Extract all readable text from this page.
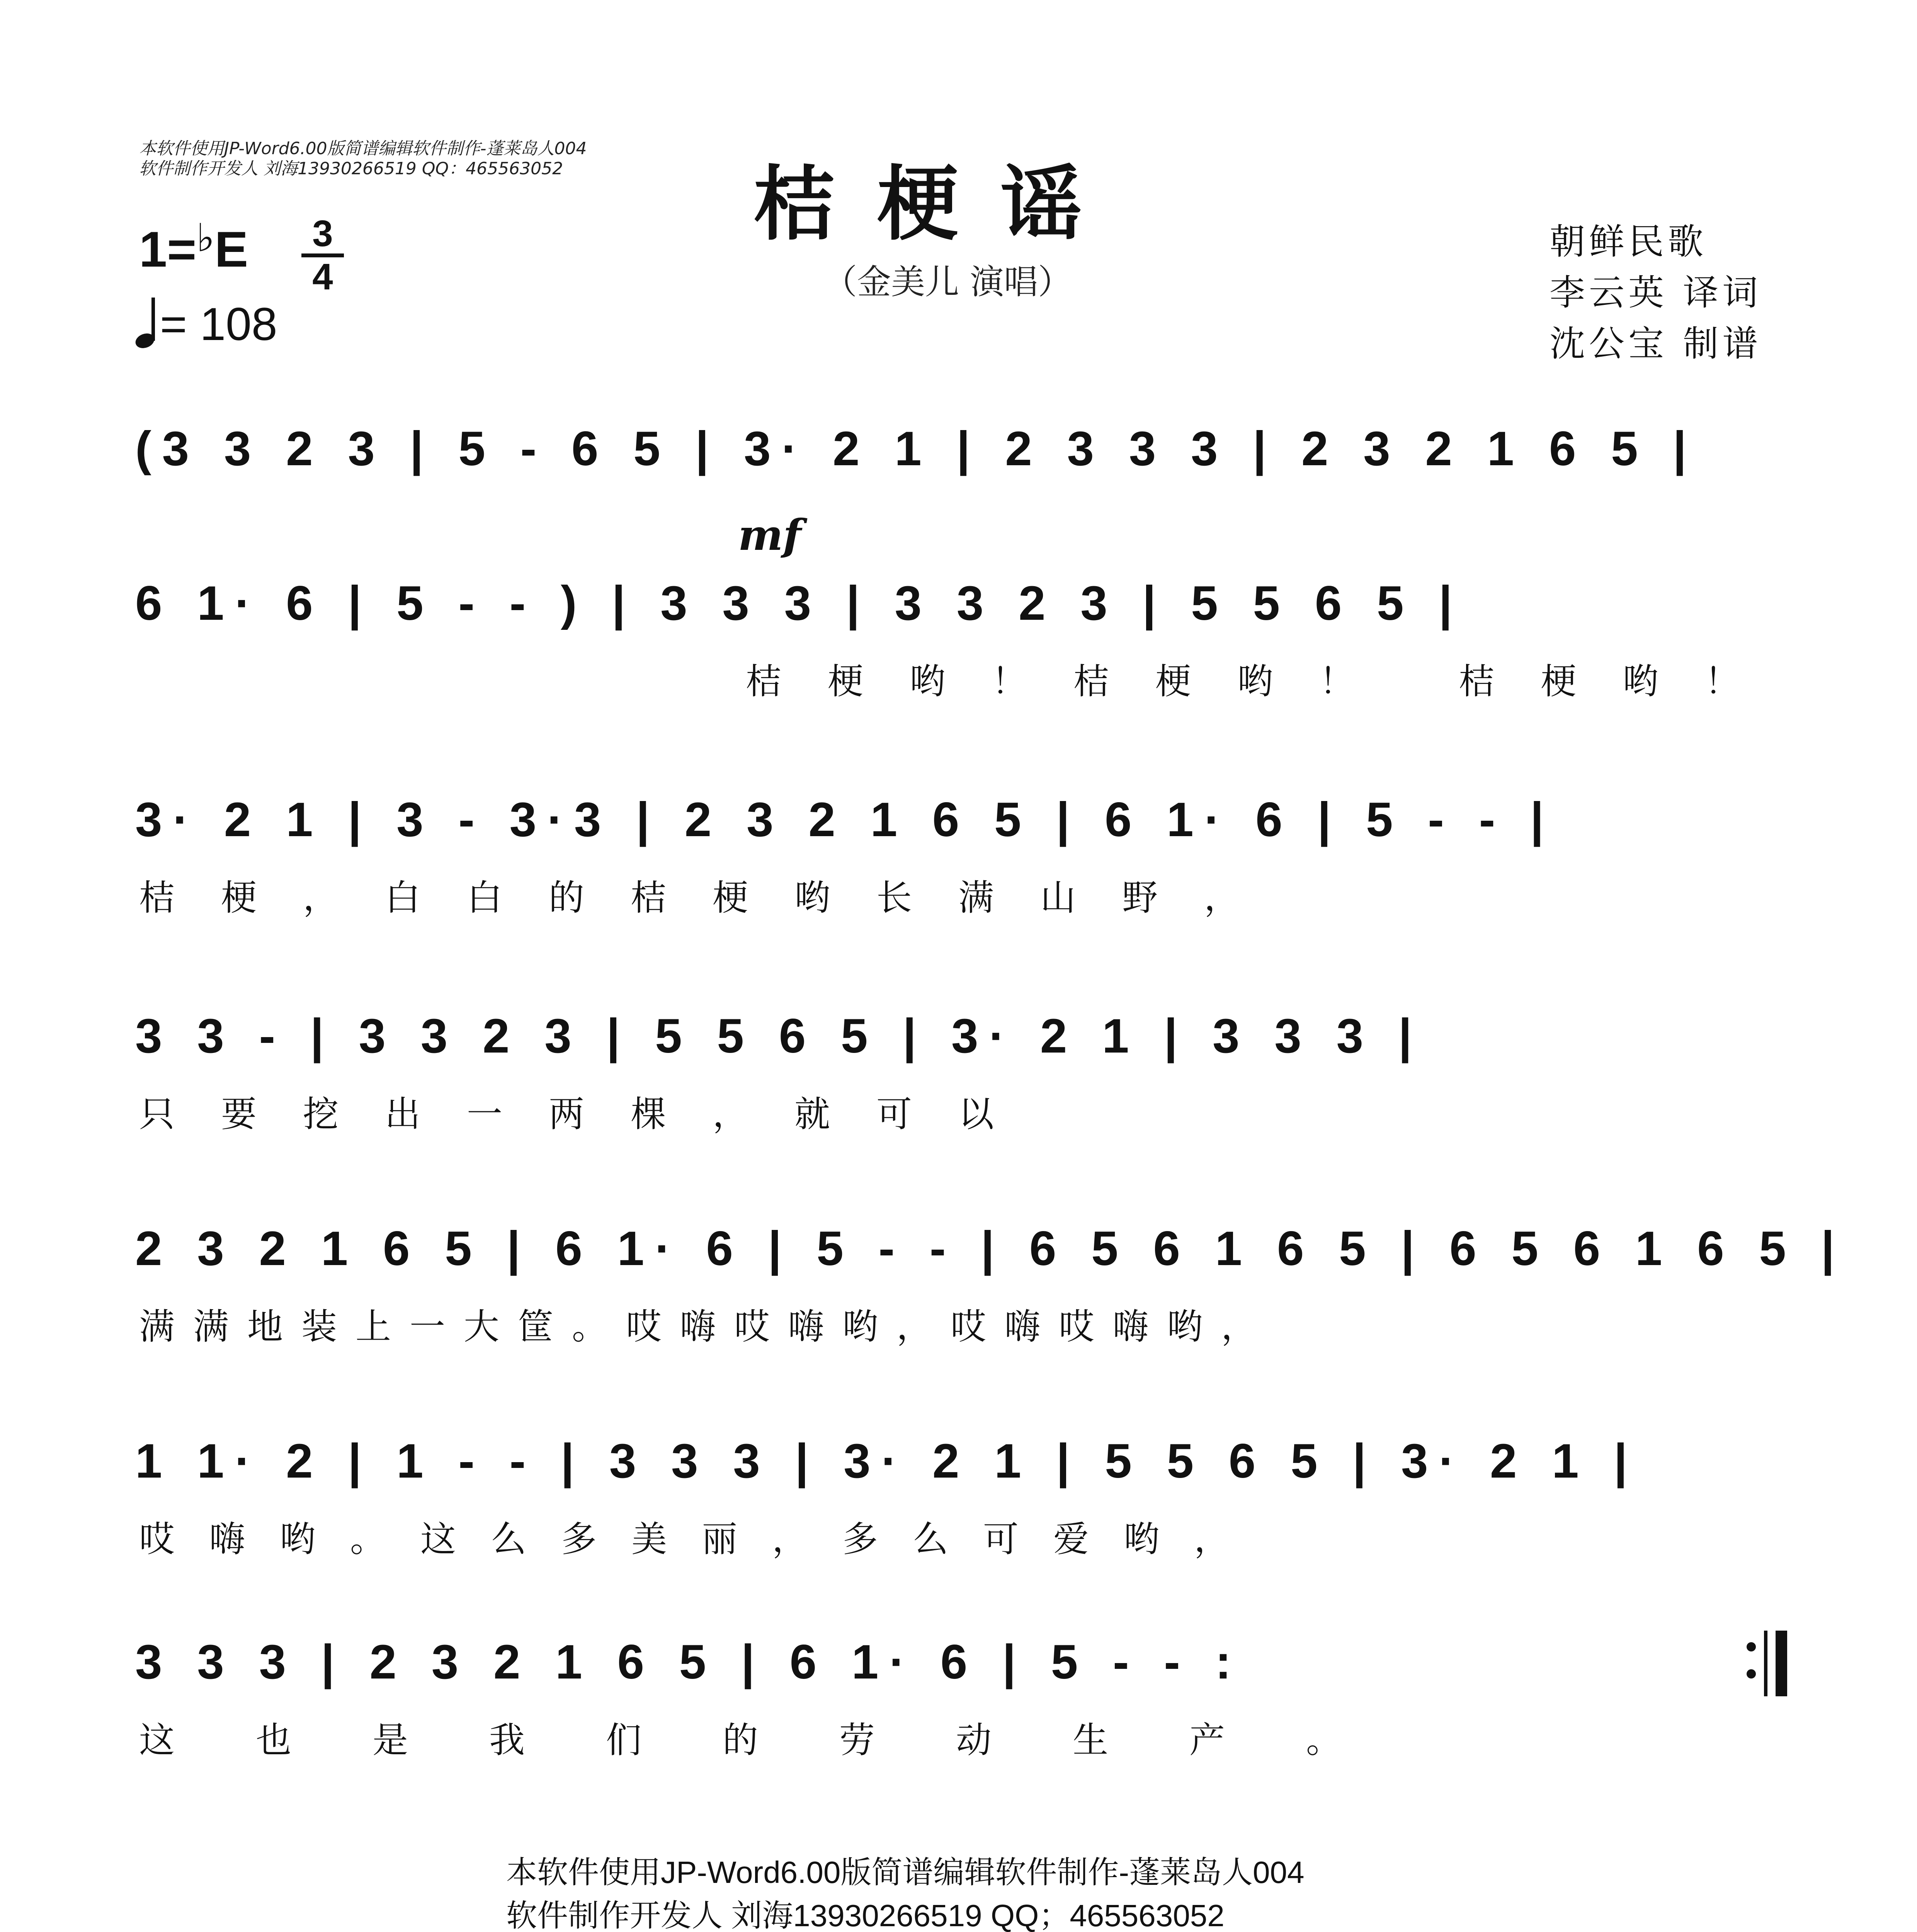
本软件使用JP-Word6.00版简谱编辑软件制作-蓬莱岛人004
软件制作开发人 刘海13930266519 QQ：465563052 桔梗谣
（金美儿 演唱）
1=♭E 3
4
= 108
朝鲜民歌
李云英 译词
沈公宝 制谱
mf
(3 3 2 3 | 5 - 6 5 | 3· 2 1 | 2 3 3 3 | 2 3 2 1 6 5 |
6 1· 6 | 5 - - ) | 3 3 3 | 3 3 2 3 | 5 5 6 5 |
桔梗哟！桔梗哟！ 桔梗哟！
3· 2 1 | 3 - 3·3 | 2 3 2 1 6 5 | 6 1· 6 | 5 - - |
桔梗，白白的桔梗哟长满山野，
3 3 - | 3 3 2 3 | 5 5 6 5 | 3· 2 1 | 3 3 3 |
只要挖出一两棵，就可以
2 3 2 1 6 5 | 6 1· 6 | 5 - - | 6 5 6 1 6 5 | 6 5 6 1 6 5 |
满满地装上一大筐。哎嗨哎嗨哟，哎嗨哎嗨哟，
1 1· 2 | 1 - - | 3 3 3 | 3· 2 1 | 5 5 6 5 | 3· 2 1 |
哎嗨哟。这么多美丽，多么可爱哟，
3 3 3 | 2 3 2 1 6 5 | 6 1· 6 | 5 - - :
这也是我们的劳动生产。
本软件使用JP-Word6.00版简谱编辑软件制作-蓬莱岛人004
软件制作开发人 刘海13930266519 QQ；465563052
